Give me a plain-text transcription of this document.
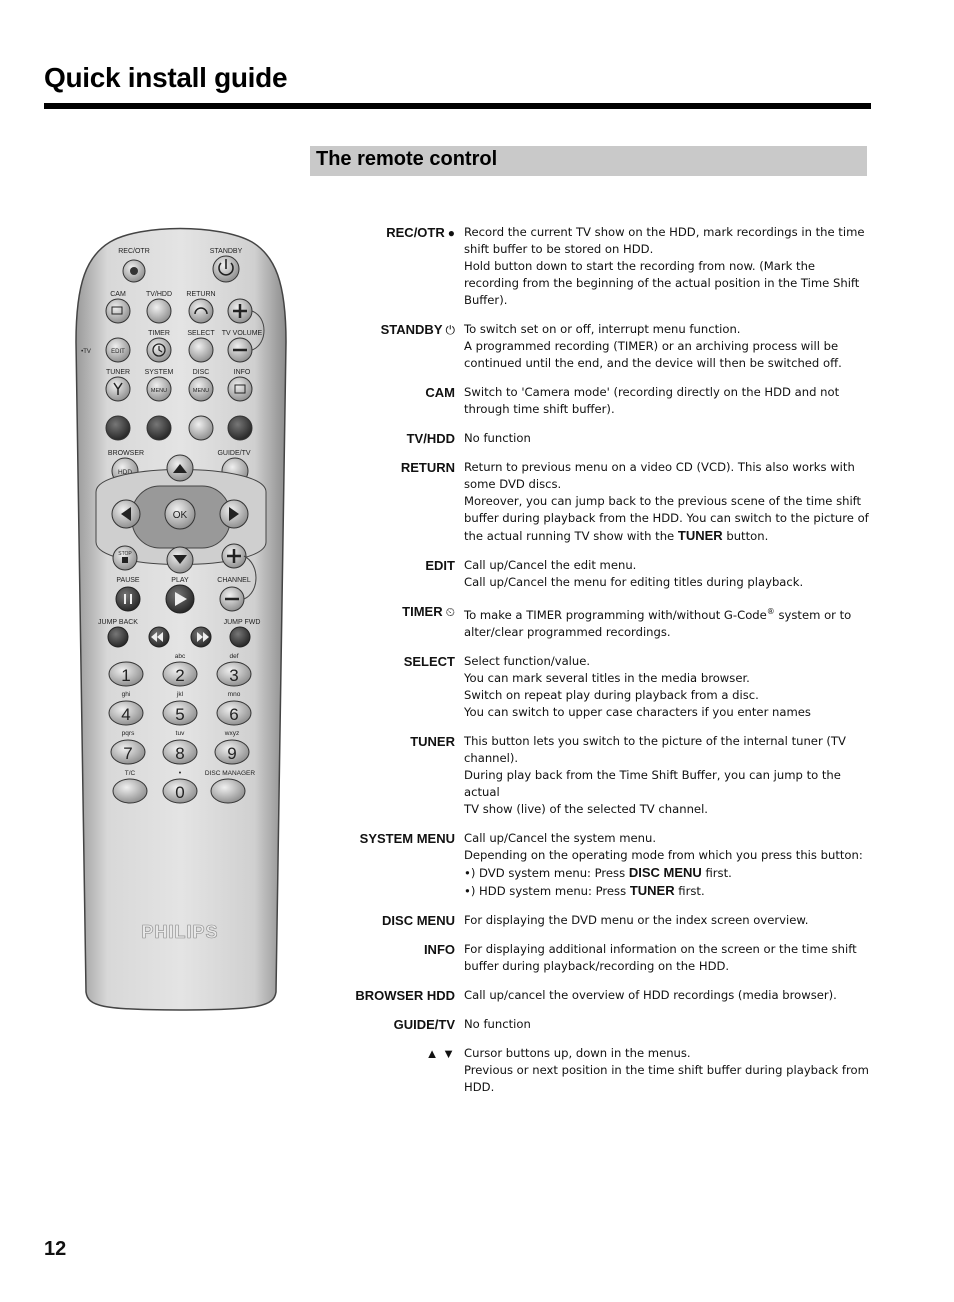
Quick install guide
The remote control
REC/OTR	STANDBY
CAM	TV/HDD RETURN
•TV
TIMER SELECT TV VOLUME
EDIT
TUNER SYSTEM	DISC	INFO
MENU	MENU
BROWSER	GUIDE/TV
HDD
OK
STOP
PAUSE	PLAY	CHANNEL
JUMP BACK	JUMP FWD
abc	def
1	2	3
ghi	jkl	mno
4	5	6
pqrs	tuv	wxyz
7	8	9
T/C	•	DISC MANAGER
0
PHILIPS
REC/OTR ● Record the current TV show on the HDD, mark recordings in the time
shift buffer to be stored on HDD.
Hold button down to start the recording from now. (Mark the
recording from the beginning of the actual position in the Time Shift
Buffer).
STANDBY ⏻ To switch set on or off, interrupt menu function.
A programmed recording (TIMER) or an archiving process will be
continued until the end, and the device will then be switched off.
CAM Switch to 'Camera mode' (recording directly on the HDD and not
through time shift buffer).
TV/HDD No function
RETURN Return to previous menu on a video CD (VCD). This also works with
some DVD discs.
Moreover, you can jump back to the previous scene of the time shift
buffer during playback from the HDD. You can switch to the picture of
the actual running TV show with the TUNER button.
EDIT Call up/Cancel the edit menu.
Call up/Cancel the menu for editing titles during playback.
TIMER ⏲ To make a TIMER programming with/without G-Code® system or to
alter/clear programmed recordings.
SELECT Select function/value.
You can mark several titles in the media browser.
Switch on repeat play during playback from a disc.
You can switch to upper case characters if you enter names
TUNER This button lets you switch to the picture of the internal tuner (TV
channel).
During play back from the Time Shift Buffer, you can jump to the actual
TV show (live) of the selected TV channel.
SYSTEM MENU Call up/Cancel the system menu.
Depending on the operating mode from which you press this button:
•) DVD system menu: Press DISC MENU first.
•) HDD system menu: Press TUNER first.
DISC MENU For displaying the DVD menu or the index screen overview.
INFO For displaying additional information on the screen or the time shift
buffer during playback/recording on the HDD.
BROWSER HDD Call up/cancel the overview of HDD recordings (media browser).
GUIDE/TV No function
▲ ▼ Cursor buttons up, down in the menus.
Previous or next position in the time shift buffer during playback from
HDD.
12
